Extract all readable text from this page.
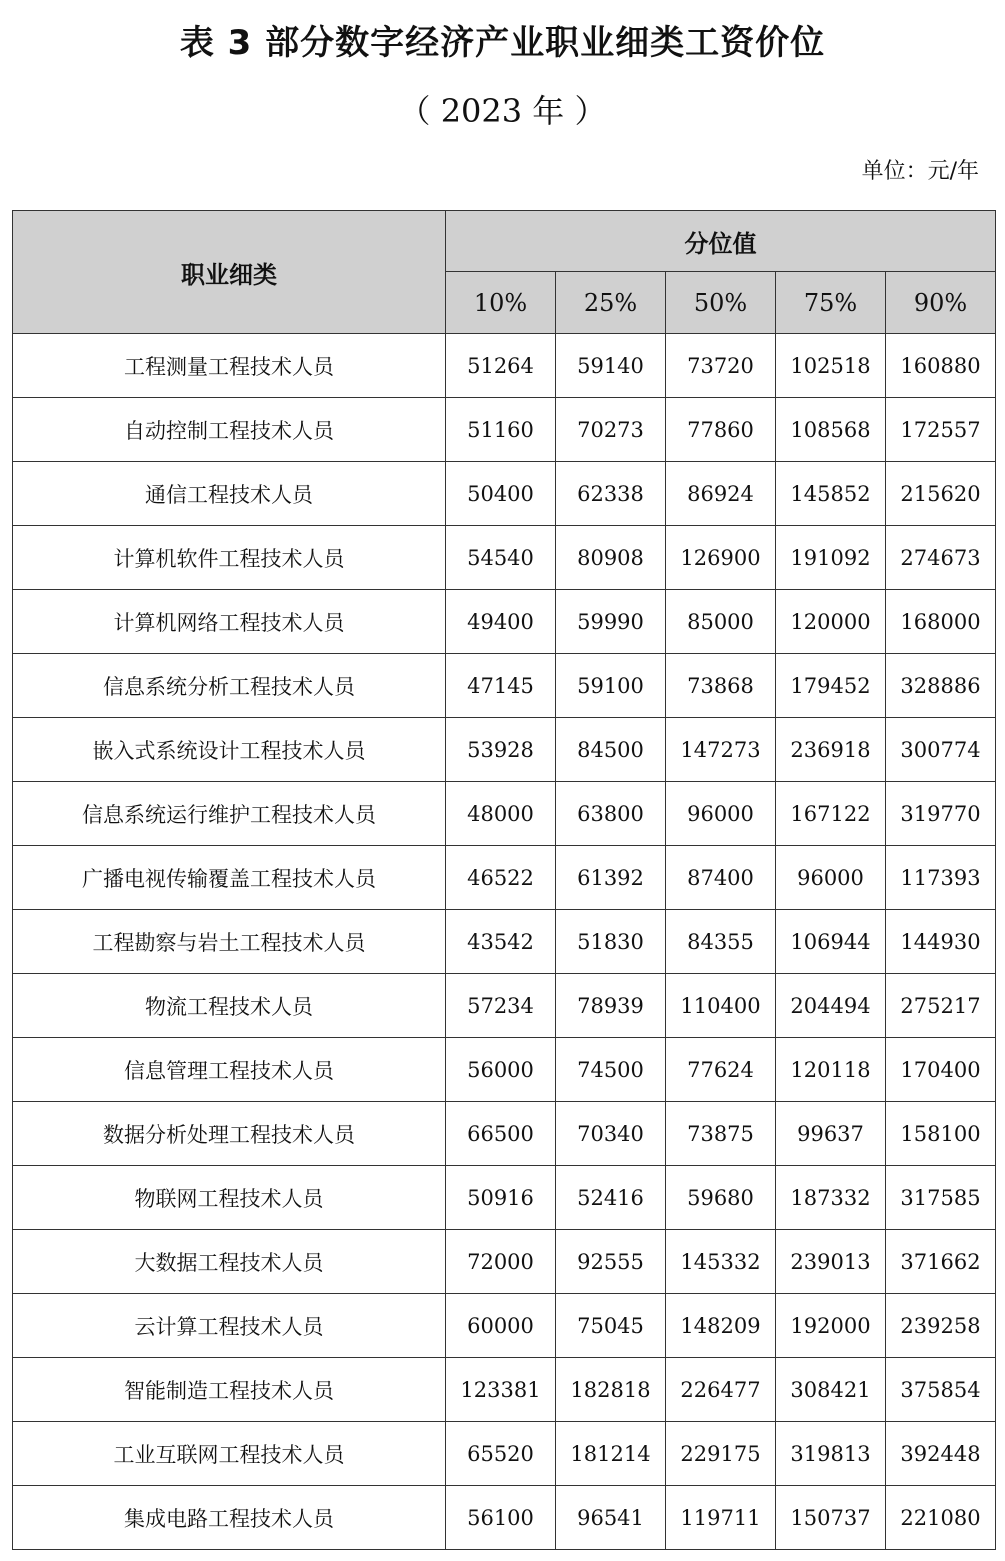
表 3 部分数字经济产业职业细类工资价位
（ 2023 年 ）
单位：元/年
职业细类	分位值				
	10%	25%	50%	75%	90%
工程测量工程技术人员	51264	59140	73720	102518	160880
自动控制工程技术人员	51160	70273	77860	108568	172557
通信工程技术人员	50400	62338	86924	145852	215620
计算机软件工程技术人员	54540	80908	126900	191092	274673
计算机网络工程技术人员	49400	59990	85000	120000	168000
信息系统分析工程技术人员	47145	59100	73868	179452	328886
嵌入式系统设计工程技术人员	53928	84500	147273	236918	300774
信息系统运行维护工程技术人员	48000	63800	96000	167122	319770
广播电视传输覆盖工程技术人员	46522	61392	87400	96000	117393
工程勘察与岩土工程技术人员	43542	51830	84355	106944	144930
物流工程技术人员	57234	78939	110400	204494	275217
信息管理工程技术人员	56000	74500	77624	120118	170400
数据分析处理工程技术人员	66500	70340	73875	99637	158100
物联网工程技术人员	50916	52416	59680	187332	317585
大数据工程技术人员	72000	92555	145332	239013	371662
云计算工程技术人员	60000	75045	148209	192000	239258
智能制造工程技术人员	123381	182818	226477	308421	375854
工业互联网工程技术人员	65520	181214	229175	319813	392448
集成电路工程技术人员	56100	96541	119711	150737	221080
